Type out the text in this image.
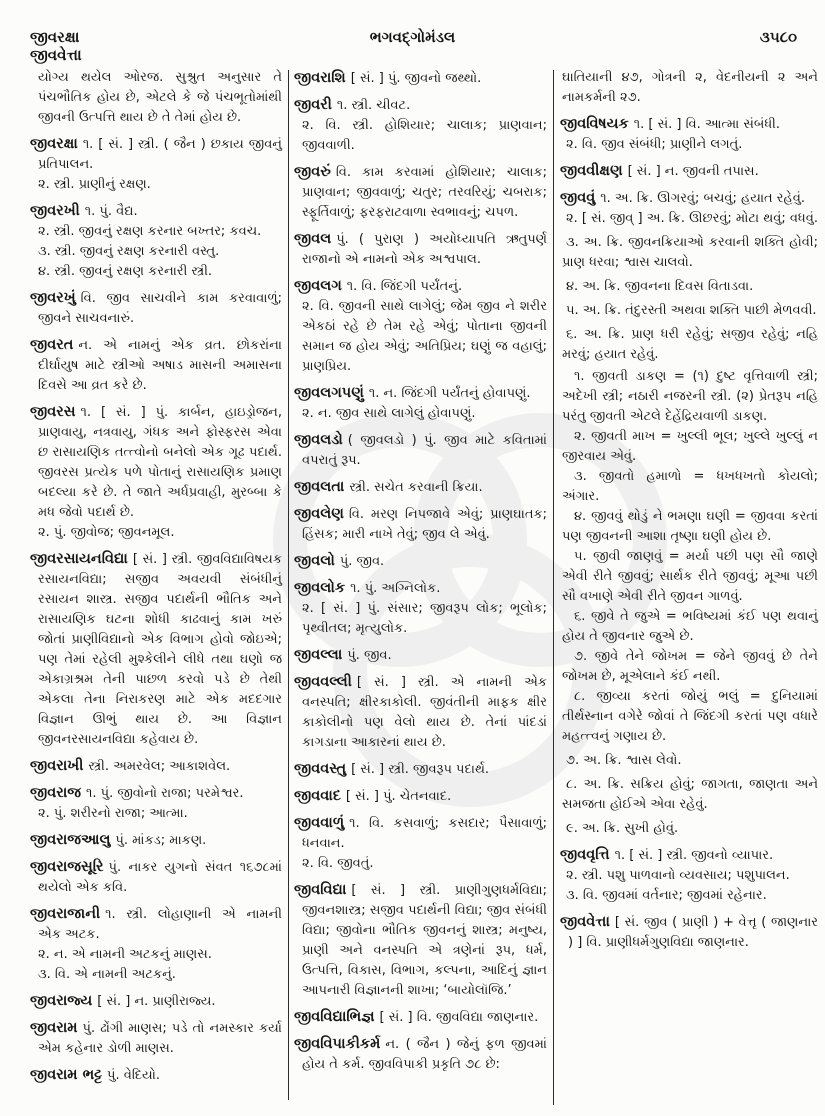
જીવરક્ષા
જીવવેત્તા
ભગવદ્ગોમંડલ	૩૫૮૦

યોગ્ય થયેલ ઓરજ. સુશ્રુત અનુસાર તે પંચભૌતિક હોય છે, એટલે કે જે પંચભૂતોમાંથી જીવની ઉત્પત્તિ થાય છે તે તેમાં હોય છે.

જીવરક્ષા ૧. [ સં. ] સ્ત્રી. ( જૈન ) છકાય જીવનું પ્રતિપાલન.

૨. સ્ત્રી. પ્રાણીનું રક્ષણ.

જીવરખી ૧. પું. વૈદ્ય.

૨. સ્ત્રી. જીવનું રક્ષણ કરનાર બખ્તર; કવચ.

૩. સ્ત્રી. જીવનું રક્ષણ કરનારી વસ્તુ.

૪. સ્ત્રી. જીવનું રક્ષણ કરનારી સ્ત્રી.

જીવરખું વિ. જીવ સાચવીને કામ કરવાવાળું; જીવને સાચવનારું.

જીવરત ન. એ નામનું એક વ્રત. છોકરાંના દીર્ઘાયુષ માટે સ્ત્રીઓ અષાડ માસની અમાસના દિવસે આ વ્રત કરે છે.

જીવરસ ૧. [ સં. ] પું. કાર્બન, હાઇડ્રોજન, પ્રાણવાયુ, નત્રવાયુ, ગંધક અને ફોસ્ફરસ એવા છ રાસાયણિક તત્ત્વોનો બનેલો એક ગૂઢ પદાર્થ. જીવરસ પ્રત્યેક પળે પોતાનું રાસાયણિક પ્રમાણ બદલ્યા કરે છે. તે જાતે અર્ધપ્રવાહી, મુરબ્બા કે મધ જેવો પદાર્થ છે.

૨. પું. જીવોજ; જીવનમૂલ.

જીવરસાયનવિદ્યા [ સં. ] સ્ત્રી. જીવવિદ્યાવિષયક રસાયનવિદ્યા; સજીવ અવયવી સંબંધીનું રસાયન શાસ્ત્ર. સજીવ પદાર્થની ભૌતિક અને રાસાયણિક ઘટના શોધી કાઢવાનું કામ ખરું જોતાં પ્રાણીવિદ્યાનો એક વિભાગ હોવો જોઇએ; પણ તેમાં રહેલી મુશ્કેલીને લીધે તથા ઘણો જ એકાગ્રશ્રમ તેની પાછળ કરવો પડે છે તેથી એકલા તેના નિરાકરણ માટે એક મદદગાર વિજ્ઞાન ઊભું થાય છે. આ વિજ્ઞાન જીવનરસાયનવિદ્યા કહેવાય છે.

જીવરાખી સ્ત્રી. અમરવેલ; આકાશવેલ.

જીવરાજ ૧. પું. જીવોનો રાજા; પરમેશ્વર.

૨. પું. શરીરનો રાજા; આત્મા.

જીવરાજઆલુ પું. માંકડ; માકણ.

જીવરાજસૂરિ પું. નાકર યુગનો સંવત ૧૬૭૮માં થયેલો એક કવિ.

જીવરાજાની ૧. સ્ત્રી. લોહાણાની એ નામની એક અટક.

૨. ન. એ નામની અટકનું માણસ.

૩. વિ. એ નામની અટકનું.

જીવરાજ્ય [ સં. ] ન. પ્રાણીરાજ્ય.

જીવરામ પું. ઢોંગી માણસ; પડે તો નમસ્કાર કર્યા એમ કહેનાર ડોળી માણસ.

જીવરામ ભટ્ટ પું. વેદિયો.

જીવરાશિ [ સં. ] પું. જીવનો જથ્થો.

જીવરી ૧. સ્ત્રી. ચીવટ.

૨. વિ. સ્ત્રી. હોશિયાર; ચાલાક; પ્રાણવાન; જીવવાળી.

જીવરું વિ. કામ કરવામાં હોશિયાર; ચાલાક; પ્રાણવાન; જીવવાળું; ચતુર; તરવરિયું; ચબરાક; સ્ફૂર્તિવાળું; ફરફરાટવાળા સ્વભાવનું; ચપળ.

જીવલ પું. ( પુરાણ ) અયોધ્યાપતિ ઋતુપર્ણ રાજાનો એ નામનો એક અશ્વપાલ.

જીવલગ ૧. વિ. જિંદગી પર્યંતનું.

૨. વિ. જીવની સાથે લાગેલું; જેમ જીવ ને શરીર એકઠાં રહે છે તેમ રહે એવું; પોતાના જીવની સમાન જ હોય એવું; અતિપ્રિય; ઘણું જ વહાલું; પ્રાણપ્રિય.

જીવલગપણું ૧. ન. જિંદગી પર્યંતનું હોવાપણું.

૨. ન. જીવ સાથે લાગેલું હોવાપણું.

જીવલડો ( જીવલડો ) પું. જીવ માટે કવિતામાં વપરાતું રૂપ.

જીવલતા સ્ત્રી. સચેત કરવાની ક્રિયા.

જીવલેણ વિ. મરણ નિપજાવે એવું; પ્રાણઘાતક; હિંસક; મારી નાખે તેવું; જીવ લે એવું.

જીવલો પું. જીવ.

જીવલોક ૧. પું. અગ્નિલોક.

૨. [ સં. ] પું. સંસાર; જીવરૂપ લોક; ભૂલોક; પૃથ્વીતલ; મૃત્યુલોક.

જીવલ્લા પું. જીવ.

જીવવલ્લી [ સં. ] સ્ત્રી. એ નામની એક વનસ્પતિ; ક્ષીરકાકોલી. જીવંતીની માફક ક્ષીર કાકોલીનો પણ વેલો થાય છે. તેનાં પાંદડાં કાગડાના આકારનાં થાય છે.

જીવવસ્તુ [ સં. ] સ્ત્રી. જીવરૂપ પદાર્થ.

જીવવાદ [ સં. ] પું. ચેતનવાદ.

જીવવાળું ૧. વિ. કસવાળું; કસદાર; પૈસાવાળું; ધનવાન.

૨. વિ. જીવતું.

જીવવિદ્યા [ સં. ] સ્ત્રી. પ્રાણીગુણધર્મવિદ્યા; જીવનશાસ્ત્ર; સજીવ પદાર્થની વિદ્યા; જીવ સંબંધી વિદ્યા; જીવોના ભૌતિક જીવનનું શાસ્ત્ર; મનુષ્ય, પ્રાણી અને વનસ્પતિ એ ત્રણેનાં રૂપ, ધર્મ, ઉત્પત્તિ, વિકાસ, વિભાગ, કલ્પના, આદિનું જ્ઞાન આપનારી વિજ્ઞાનની શાખા; ‘બાયોલૉજિ.’

જીવવિદ્યાભિજ્ઞ [ સં. ] વિ. જીવવિદ્યા જાણનાર.

જીવવિપાકીકર્મ ન. ( જૈન ) જેનું ફળ જીવમાં હોય તે કર્મ. જીવવિપાકી પ્રકૃતિ ૭૮ છે:

ઘાતિયાની ૪૭, ગોત્રની ૨, વેદનીયની ૨ અને નામકર્મની ૨૭.

જીવવિષયક ૧. [ સં. ] વિ. આત્મા સંબંધી.

૨. વિ. જીવ સંબંધી; પ્રાણીને લગતું.

જીવવીક્ષણ [ સં. ] ન. જીવની તપાસ.

જીવવું ૧. અ. ક્રિ. ઊગરવું; બચવું; હયાત રહેવું.

૨. [ સં. જીવ્ ] અ. ક્રિ. ઊછરવું; મોટા થવું; વધવું.

૩. અ. ક્રિ. જીવનક્રિયાઓ કરવાની શક્તિ હોવી; પ્રાણ ધરવા; શ્વાસ ચાલવો.

૪. અ. ક્રિ. જીવનના દિવસ વિતાડવા.

૫. અ. ક્રિ. તંદુરસ્તી અથવા શક્તિ પાછી મેળવવી.

૬. અ. ક્રિ. પ્રાણ ધરી રહેવું; સજીવ રહેવું; નહિ મરવું; હયાત રહેવું.

૧. જીવતી ડાકણ = (૧) દુષ્ટ વૃત્તિવાળી સ્ત્રી; અદેખી સ્ત્રી; નઠારી નજરની સ્ત્રી. (૨) પ્રેતરૂપ નહિ પરંતુ જીવતી એટલે દેહેંદ્રિયવાળી ડાકણ.

૨. જીવતી માખ = ખુલ્લી ભૂલ; ખુલ્લે ખુલ્લું ન જીરવાય એવું.

૩. જીવતો હમાળો = ધખધખતો કોયલો; અંગાર.

૪. જીવવું થોડું ને ભમણા ઘણી = જીવવા કરતાં પણ જીવનની આશા તૃષ્ણા ઘણી હોય છે.

૫. જીવી જાણવું = મર્યા પછી પણ સૌ જાણે એવી રીતે જીવવું; સાર્થક રીતે જીવવું; મૂઆ પછી સૌ વખાણે એવી રીતે જીવન ગાળવું.

૬. જીવે તે જુએ = ભવિષ્યમાં કંઈ પણ થવાનું હોય તે જીવનાર જુએ છે.

૭. જીવે તેને જોખમ = જેને જીવવું છે તેને જોખમ છે, મૂએલાને કંઈ નથી.

૮. જીવ્યા કરતાં જોયું ભલું = દુનિયામાં તીર્થસ્નાન વગેરે જોવાં તે જિંદગી કરતાં પણ વધારે મહત્ત્વનું ગણાય છે.

૭. અ. ક્રિ. શ્વાસ લેવો.

૮. અ. ક્રિ. સક્રિય હોવું; જાગતા, જાણતા અને સમજતા હોઈએ એવા રહેવું.

૯. અ. ક્રિ. સુખી હોવું.

જીવવૃત્તિ ૧. [ સં. ] સ્ત્રી. જીવનો વ્યાપાર.

૨. સ્ત્રી. પશુ પાળવાનો વ્યવસાય; પશુપાલન.

૩. વિ. જીવમાં વર્તનાર; જીવમાં રહેનાર.

જીવવેત્તા [ સં. જીવ ( પ્રાણી ) + વેત્તૃ ( જાણનાર ) ] વિ. પ્રાણીધર્મગુણવિદ્યા જાણનાર.
